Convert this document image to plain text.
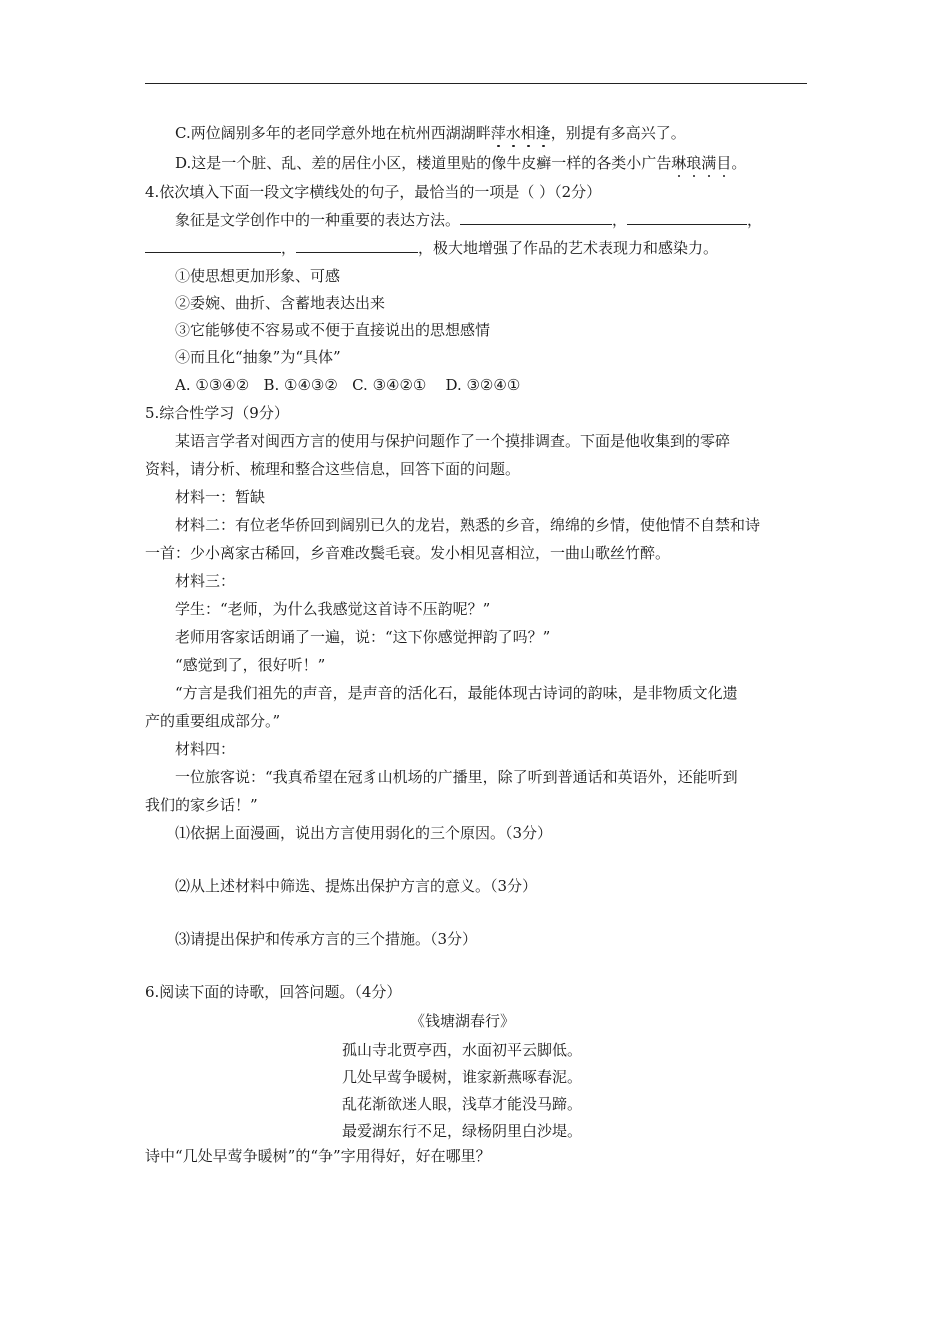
C.两位阔别多年的老同学意外地在杭州西湖湖畔萍水相逢，别提有多高兴了。
D.这是一个脏、乱、差的居住小区，楼道里贴的像牛皮癣一样的各类小广告琳琅满目。
4.依次填入下面一段文字横线处的句子，最恰当的一项是（ ）（2分）
象征是文学创作中的一种重要的表达方法。	，	，
，	，极大地增强了作品的艺术表现力和感染力。
①使思想更加形象、可感
②委婉、曲折、含蓄地表达出来
③它能够使不容易或不便于直接说出的思想感情
④而且化“抽象”为“具体”
A. ①③④②   B. ①④③②   C. ③④②①    D. ③②④①
5.综合性学习（9分）
某语言学者对闽西方言的使用与保护问题作了一个摸排调查。下面是他收集到的零碎
资料，请分析、梳理和整合这些信息，回答下面的问题。
材料一：暂缺
材料二：有位老华侨回到阔别已久的龙岩，熟悉的乡音，绵绵的乡情，使他情不自禁和诗
一首：少小离家古稀回，乡音难改鬓毛衰。发小相见喜相泣，一曲山歌丝竹醉。
材料三：
学生：“老师，为什么我感觉这首诗不压韵呢？”
老师用客家话朗诵了一遍，说：“这下你感觉押韵了吗？”
“感觉到了，很好听！”
“方言是我们祖先的声音，是声音的活化石，最能体现古诗词的韵味，是非物质文化遗
产的重要组成部分。”
材料四：
一位旅客说：“我真希望在冠豸山机场的广播里，除了听到普通话和英语外，还能听到
我们的家乡话！”
⑴依据上面漫画，说出方言使用弱化的三个原因。（3分）
⑵从上述材料中筛选、提炼出保护方言的意义。（3分）
⑶请提出保护和传承方言的三个措施。（3分）
6.阅读下面的诗歌，回答问题。（4分）
《钱塘湖春行》
孤山寺北贾亭西，水面初平云脚低。
几处早莺争暖树，谁家新燕啄春泥。
乱花渐欲迷人眼，浅草才能没马蹄。
最爱湖东行不足，绿杨阴里白沙堤。
诗中“几处早莺争暖树”的“争”字用得好，好在哪里？
